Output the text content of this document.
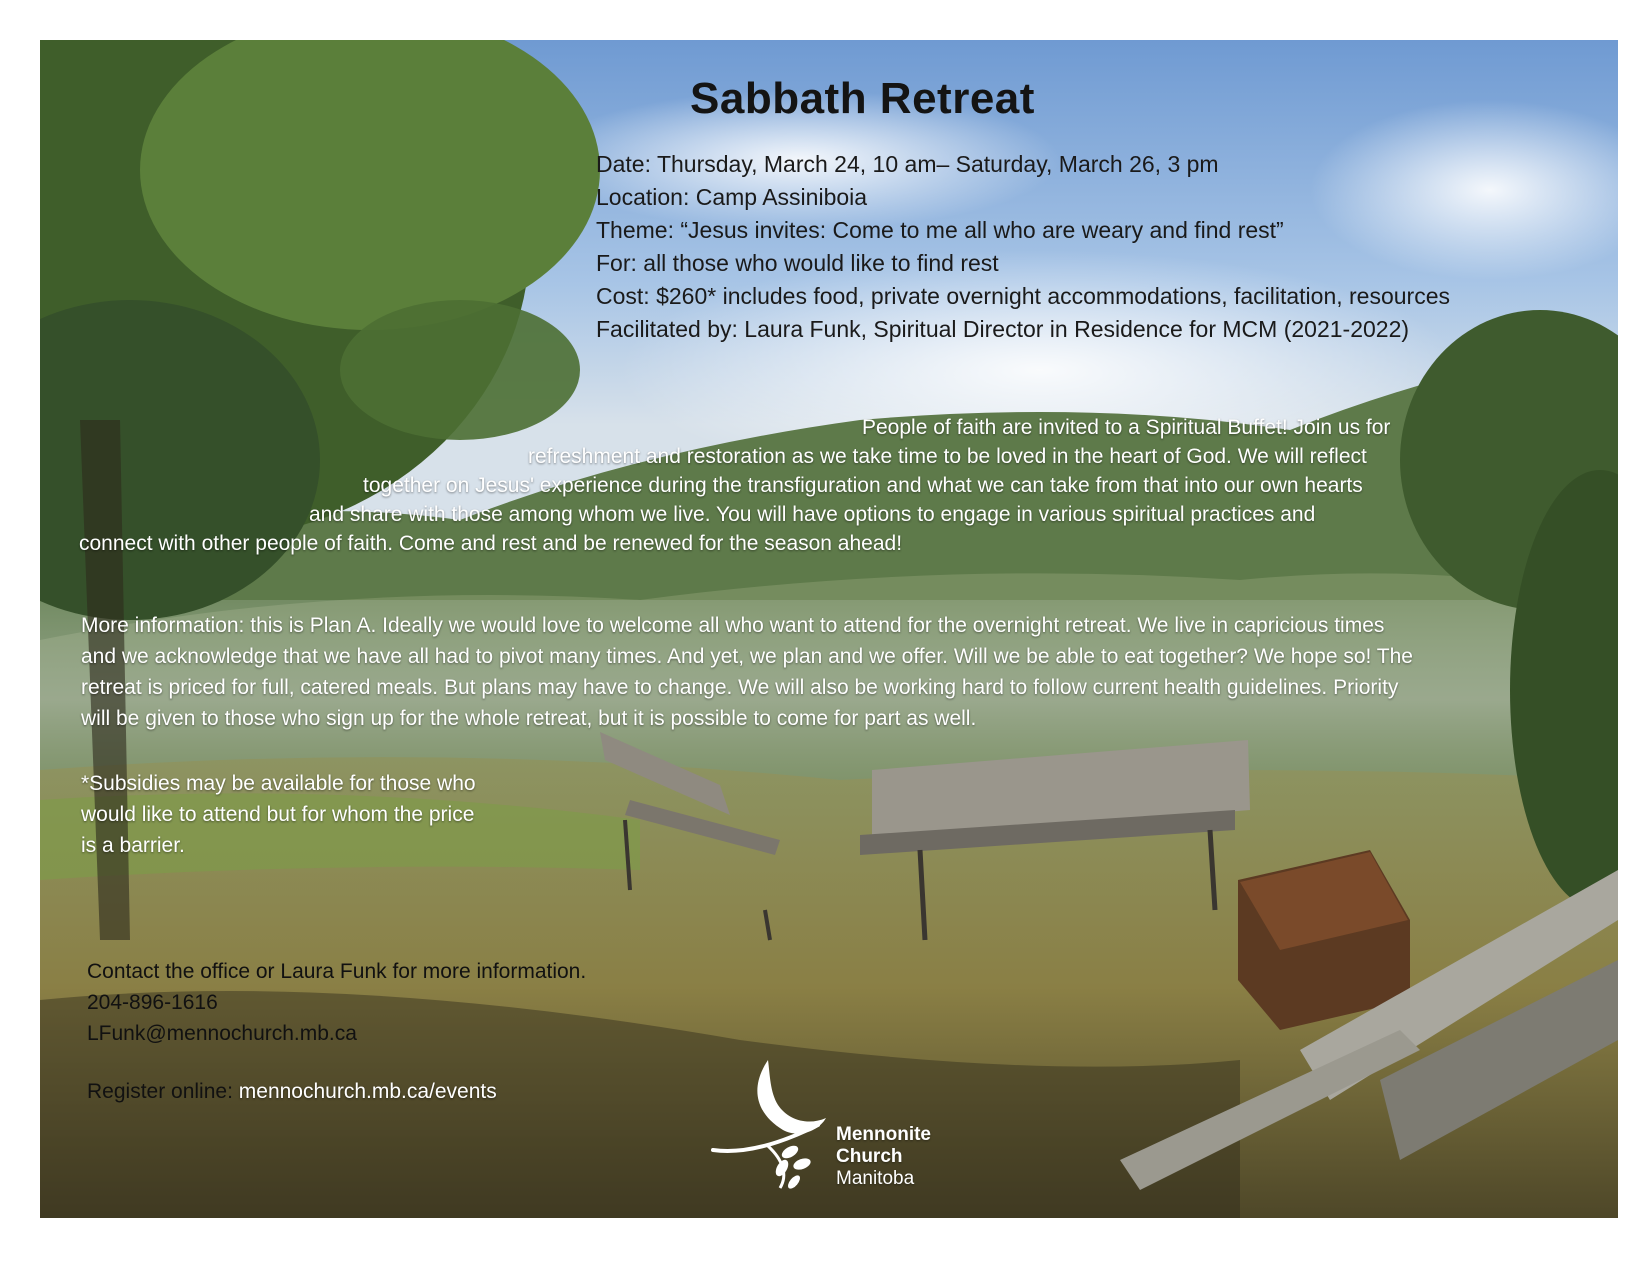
Sabbath Retreat
Date: Thursday, March 24, 10 am– Saturday, March 26, 3 pm
Location: Camp Assiniboia
Theme: “Jesus invites: Come to me all who are weary and find rest”
For: all those who would like to find rest
Cost: $260* includes food, private overnight accommodations, facilitation, resources
Facilitated by: Laura Funk, Spiritual Director in Residence for MCM (2021-2022)
People of faith are invited to a Spiritual Buffet! Join us for
refreshment and restoration as we take time to be loved in the heart of God. We will reflect
together on Jesus' experience during the transfiguration and what we can take from that into our own hearts
and share with those among whom we live. You will have options to engage in various spiritual practices and
connect with other people of faith. Come and rest and be renewed for the season ahead!
More information: this is Plan A. Ideally we would love to welcome all who want to attend for the overnight retreat. We live in capricious times
and we acknowledge that we have all had to pivot many times. And yet, we plan and we offer. Will we be able to eat together? We hope so! The
retreat is priced for full, catered meals. But plans may have to change. We will also be working hard to follow current health guidelines. Priority
will be given to those who sign up for the whole retreat, but it is possible to come for part as well.
*Subsidies may be available for those who
would like to attend but for whom the price
is a barrier.
Contact the office or Laura Funk for more information.
204-896-1616
LFunk@mennochurch.mb.ca
Register online: mennochurch.mb.ca/events
Mennonite
Church
Manitoba
